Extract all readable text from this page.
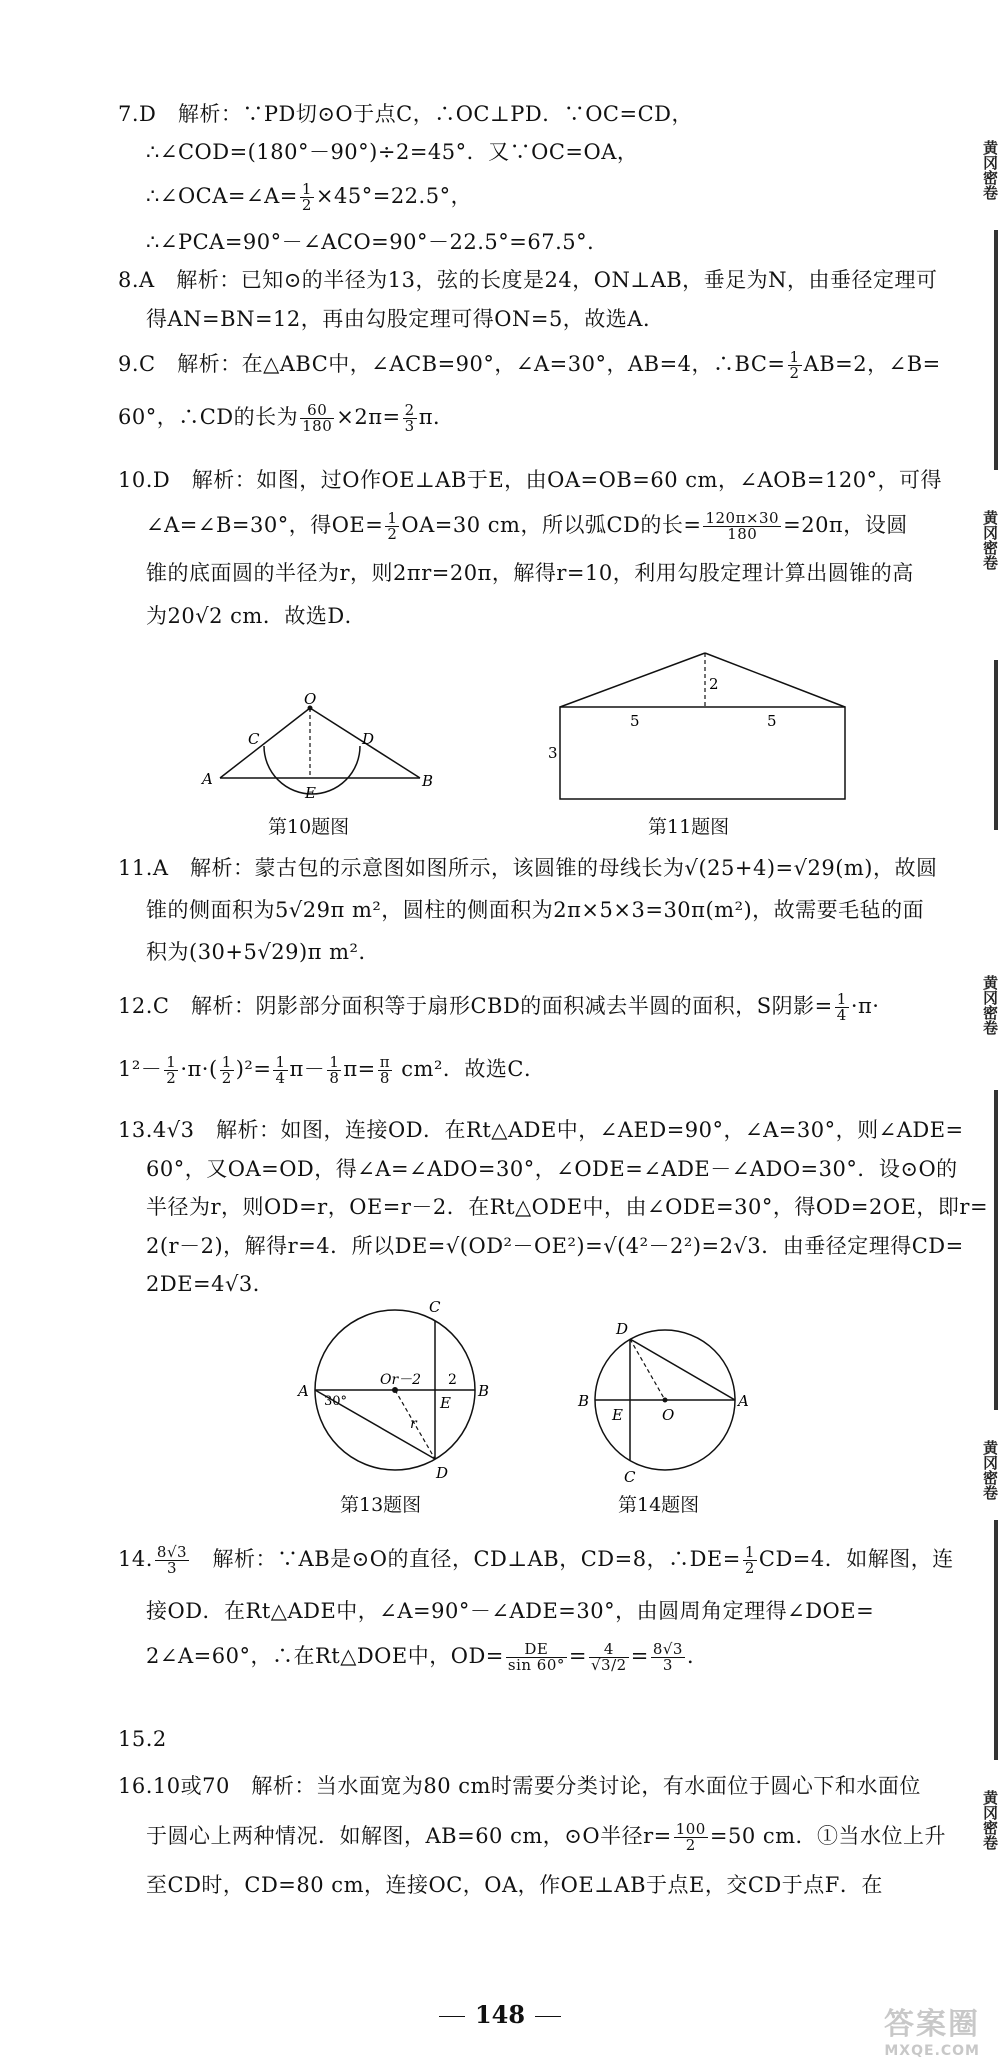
7.D　解析：∵PD切⊙O于点C，∴OC⊥PD．∵OC=CD，
∴∠COD=(180°－90°)÷2=45°．又∵OC=OA，
∴∠OCA=∠A= $\frac{1}{2} \times 45^\circ=22.5^\circ$，
∴∠PCA=90°－∠ACO=90°－22.5°=67.5°．
8.A　解析：已知⊙的半径为13，弦的长度是24，ON⊥AB，垂足为N，由垂径定理可
得AN=BN=12，再由勾股定理可得ON=5，故选A．
9.C　解析：在△ABC中，∠ACB=90°，∠A=30°，AB=4，∴BC= $\frac{1}{2} AB=2$，∠B=
60°，∴CD的长为 $\frac{60}{180} \times 2\pi= \frac{2}{3}$ π．
10.D　解析：如图，过O作OE⊥AB于E，由OA=OB=60 cm，∠AOB=120°，可得
∠A=∠B=30°，得$OE= \frac{1}{2} OA=30$ cm，所以弧CD的长= $\frac{120\pi\times 30}{180} =20\pi$，设圆
锥的底面圆的半径为r，则2πr=20π，解得r=10，利用勾股定理计算出圆锥的高
为20√2 cm．故选D．
11.A　解析：蒙古包的示意图如图所示，该圆锥的母线长为√(25+4)=√29(m)，故圆
锥的侧面积为5√29π m²，圆柱的侧面积为2π×5×3=30π(m²)，故需要毛毡的面
积为(30+5√29)π m²．
12.C　解析：阴影部分面积等于扇形CBD的面积减去半圆的面积，S阴影= $\frac{1}{4} \cdot\pi\cdot$
$1^2- \frac{1}{2} \cdot\pi\cdot( \frac{1}{2} )^2= \frac{1}{4} \pi- \frac{1}{8} \pi= \frac{\pi}{8} cm^2$．故选C．
13.4√3　解析：如图，连接OD．在Rt△ADE中，∠AED=90°，∠A=30°，则∠ADE=
60°，又OA=OD，得∠A=∠ADO=30°，∠ODE=∠ADE－∠ADO=30°．设⊙O的
半径为r，则OD=r，OE=r－2．在Rt△ODE中，由∠ODE=30°，得OD=2OE，即r=
2(r－2)，解得r=4．所以DE=√(OD²－OE²)=√(4²－2²)=2√3．由垂径定理得CD=
2DE=4√3．
14. $\frac{8√3}{3}$ 　解析：∵AB是⊙O的直径，CD⊥AB，CD=8，∴DE= $\frac{1}{2} CD=4$．如解图，连
接OD．在Rt△ADE中，∠A=90°－∠ADE=30°，由圆周角定理得∠DOE=
2∠A=60°，∴在Rt△DOE中，$OD= \frac{DE}{\sin 60^\circ} = \frac{4}{√3/2} = \frac{8√3}{3}$ ．
15.2
16.10或70　解析：当水面宽为80 cm时需要分类讨论，有水面位于圆心下和水面位
于圆心上两种情况．如解图，AB=60 cm，⊙O半径$r= \frac{100}{2} =50$ cm．①当水位上升
至CD时，CD=80 cm，连接OC，OA，作OE⊥AB于点E，交CD于点F．在
O
C	D
A
E
B
第10题图
2
5	5
3
第11题图
C
A
30°
Or－2 2
B
E
r
D
第13题图
D
B
E	O
A
C
第14题图
黄冈密卷
黄冈密卷
黄冈密卷
黄冈密卷
黄冈密卷
148	答案圈
MXQE.COM
